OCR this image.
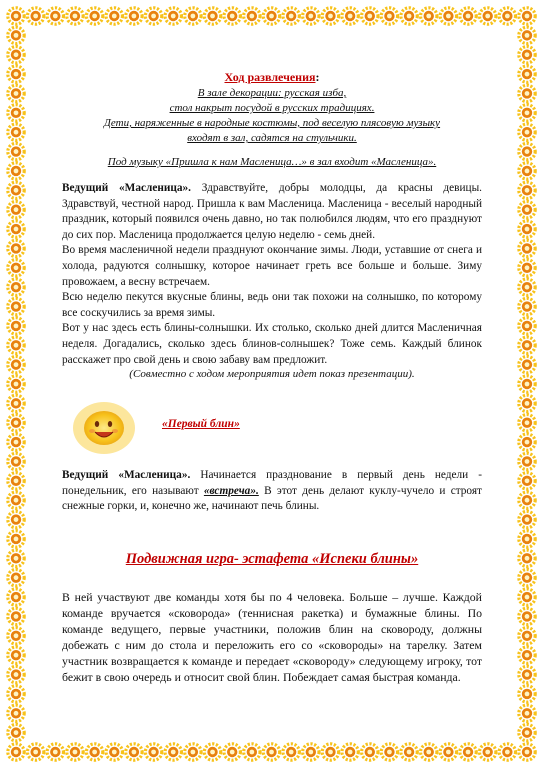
Ход развлечения:
В зале декорации: русская изба,
стол накрыт посудой в русских традициях.
Дети, наряженные в народные костюмы, под веселую плясовую музыку
входят в зал, садятся на стульчики.
Под музыку «Пришла к нам Масленица…» в зал входит «Масленица».

Ведущий «Масленица». Здравствуйте, добры молодцы, да красны девицы. Здравствуй, честной народ. Пришла к вам Масленица. Масленица - веселый народный праздник, который появился очень давно, но так полюбился людям, что его празднуют до сих пор. Масленица продолжается целую неделю - семь дней.

Во время масленичной недели празднуют окончание зимы. Люди, уставшие от снега и холода, радуются солнышку, которое начинает греть все больше и больше. Зиму провожаем, а весну встречаем.

Всю неделю пекутся вкусные блины, ведь они так похожи на солнышко, по которому все соскучились за время зимы.

Вот у нас здесь есть блины-солнышки. Их столько, сколько дней длится Масленичная неделя. Догадались, сколько здесь блинов-солнышек? Тоже семь. Каждый блинок расскажет про свой день и свою забаву вам предложит.

(Совместно с ходом мероприятия идет показ презентации).

«Первый блин»

Ведущий «Масленица». Начинается празднование в первый день недели - понедельник, его называют «встреча». В этот день делают куклу-чучело и строят снежные горки, и, конечно же, начинают печь блины.

Подвижная игра- эстафета «Испеки блины»

В ней участвуют две команды хотя бы по 4 человека. Больше – лучше. Каждой команде вручается «сковорода» (теннисная ракетка) и бумажные блины. По команде ведущего, первые участники, положив блин на сковороду, должны добежать с ним до стола и переложить его со «сковороды» на тарелку. Затем участник возвращается к команде и передает «сковороду» следующему игроку, тот бежит в свою очередь и относит свой блин. Побеждает самая быстрая команда.
